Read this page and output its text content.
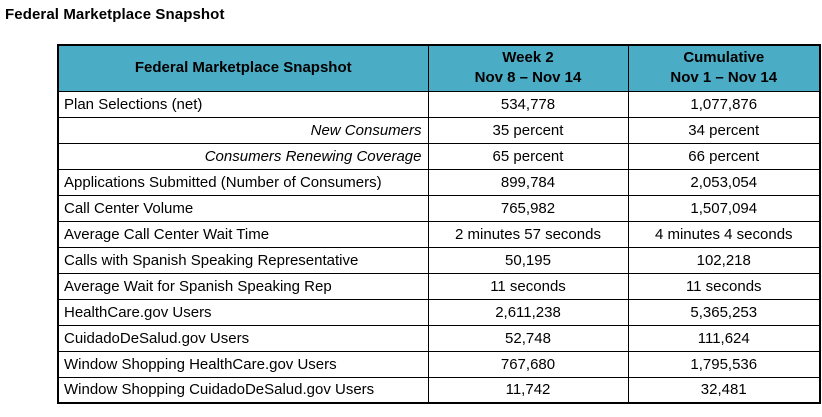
Federal Marketplace Snapshot
Federal Marketplace Snapshot

Week 2
Nov 8 – Nov 14

Cumulative
Nov 1 – Nov 14

Plan Selections (net)	534,778	1,077,876
New Consumers	35 percent	34 percent
Consumers Renewing Coverage	65 percent	66 percent
Applications Submitted (Number of Consumers)	899,784	2,053,054
Call Center Volume	765,982	1,507,094
Average Call Center Wait Time	2 minutes 57 seconds	4 minutes 4 seconds
Calls with Spanish Speaking Representative	50,195	102,218
Average Wait for Spanish Speaking Rep	11 seconds	11 seconds
HealthCare.gov Users	2,611,238	5,365,253
CuidadoDeSalud.gov Users	52,748	111,624
Window Shopping HealthCare.gov Users	767,680	1,795,536
Window Shopping CuidadoDeSalud.gov Users	11,742	32,481
